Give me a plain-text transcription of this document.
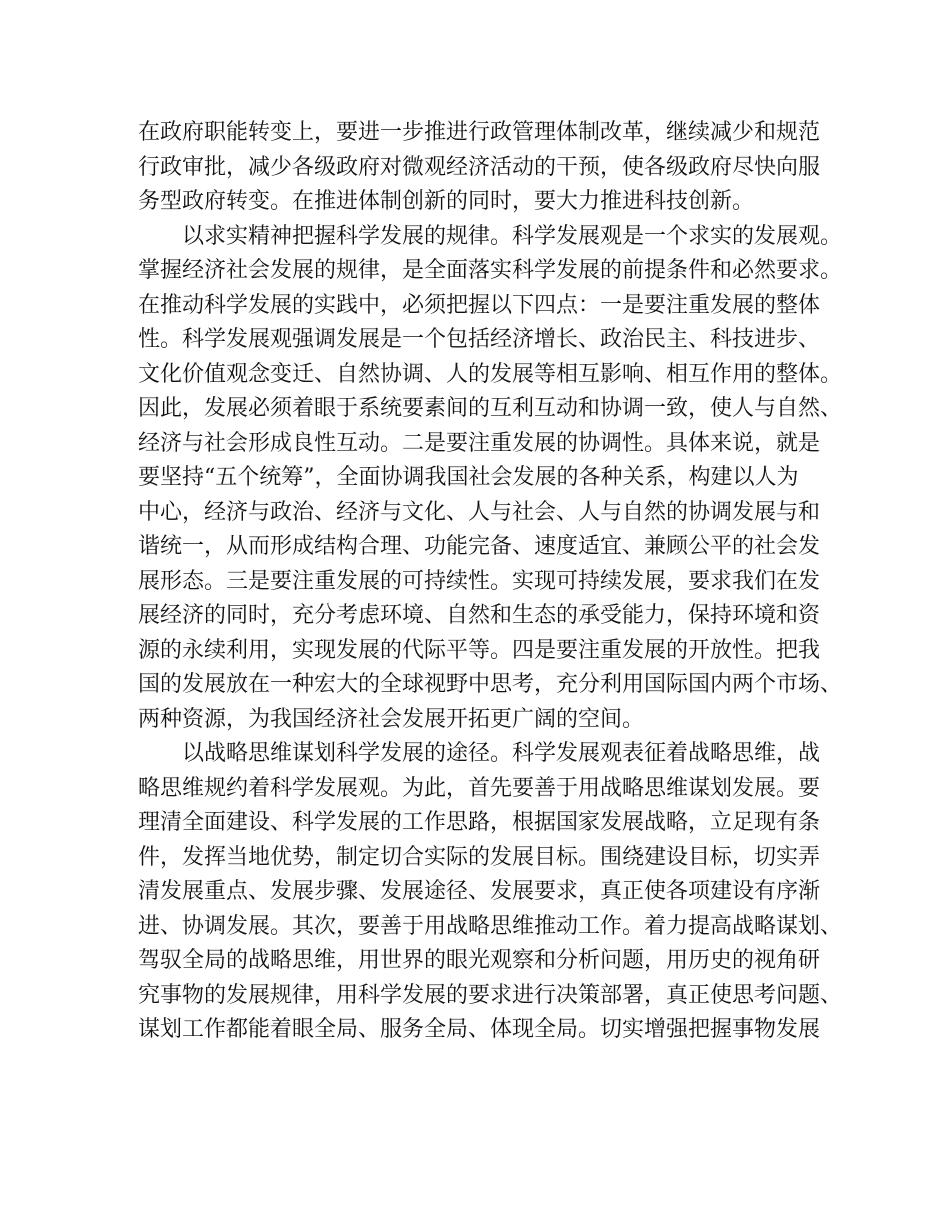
在政府职能转变上，要进一步推进行政管理体制改革，继续减少和规范
行政审批，减少各级政府对微观经济活动的干预，使各级政府尽快向服
务型政府转变。在推进体制创新的同时，要大力推进科技创新。
　　以求实精神把握科学发展的规律。科学发展观是一个求实的发展观。
掌握经济社会发展的规律，是全面落实科学发展的前提条件和必然要求。
在推动科学发展的实践中，必须把握以下四点：一是要注重发展的整体
性。科学发展观强调发展是一个包括经济增长、政治民主、科技进步、
文化价值观念变迁、自然协调、人的发展等相互影响、相互作用的整体。
因此，发展必须着眼于系统要素间的互利互动和协调一致，使人与自然、
经济与社会形成良性互动。二是要注重发展的协调性。具体来说，就是
要坚持“五个统筹”，全面协调我国社会发展的各种关系，构建以人为
中心，经济与政治、经济与文化、人与社会、人与自然的协调发展与和
谐统一，从而形成结构合理、功能完备、速度适宜、兼顾公平的社会发
展形态。三是要注重发展的可持续性。实现可持续发展，要求我们在发
展经济的同时，充分考虑环境、自然和生态的承受能力，保持环境和资
源的永续利用，实现发展的代际平等。四是要注重发展的开放性。把我
国的发展放在一种宏大的全球视野中思考，充分利用国际国内两个市场、
两种资源，为我国经济社会发展开拓更广阔的空间。
　　以战略思维谋划科学发展的途径。科学发展观表征着战略思维，战
略思维规约着科学发展观。为此，首先要善于用战略思维谋划发展。要
理清全面建设、科学发展的工作思路，根据国家发展战略，立足现有条
件，发挥当地优势，制定切合实际的发展目标。围绕建设目标，切实弄
清发展重点、发展步骤、发展途径、发展要求，真正使各项建设有序渐
进、协调发展。其次，要善于用战略思维推动工作。着力提高战略谋划、
驾驭全局的战略思维，用世界的眼光观察和分析问题，用历史的视角研
究事物的发展规律，用科学发展的要求进行决策部署，真正使思考问题、
谋划工作都能着眼全局、服务全局、体现全局。切实增强把握事物发展
